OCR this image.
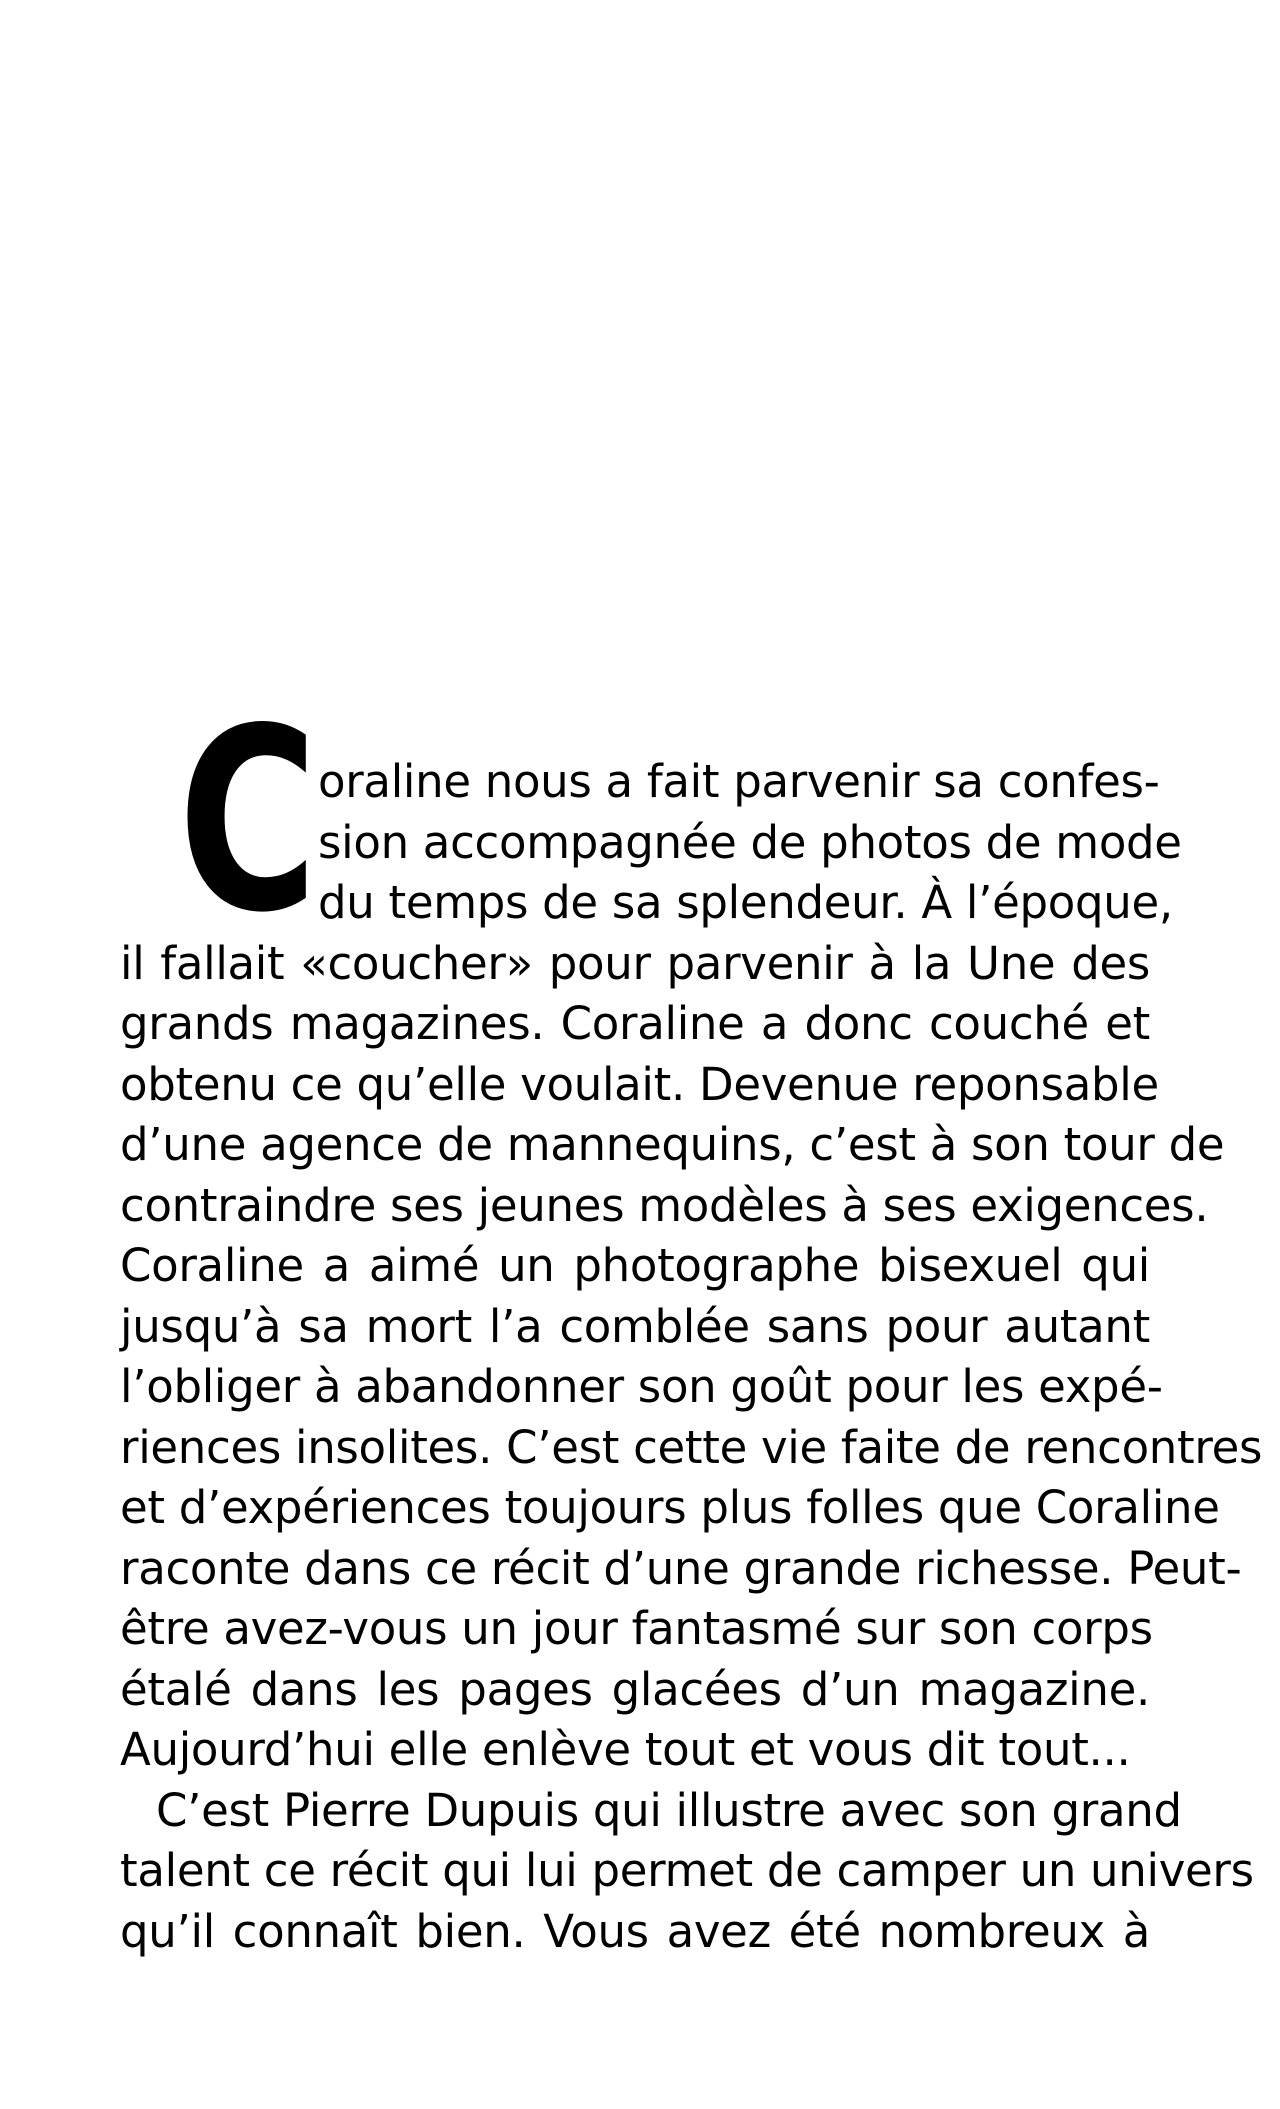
C oraline nous a fait parvenir sa confes-
sion accompagnée de photos de mode
du temps de sa splendeur. À l’époque,
il fallait «coucher» pour parvenir à la Une des
grands magazines. Coraline a donc couché et
obtenu ce qu’elle voulait. Devenue reponsable
d’une agence de mannequins, c’est à son tour de
contraindre ses jeunes modèles à ses exigences.
Coraline a aimé un photographe bisexuel qui
jusqu’à sa mort l’a comblée sans pour autant
l’obliger à abandonner son goût pour les expé-
riences insolites. C’est cette vie faite de rencontres
et d’expériences toujours plus folles que Coraline
raconte dans ce récit d’une grande richesse. Peut-
être avez-vous un jour fantasmé sur son corps
étalé dans les pages glacées d’un magazine.
Aujourd’hui elle enlève tout et vous dit tout...
C’est Pierre Dupuis qui illustre avec son grand
talent ce récit qui lui permet de camper un univers
qu’il connaît bien. Vous avez été nombreux à
